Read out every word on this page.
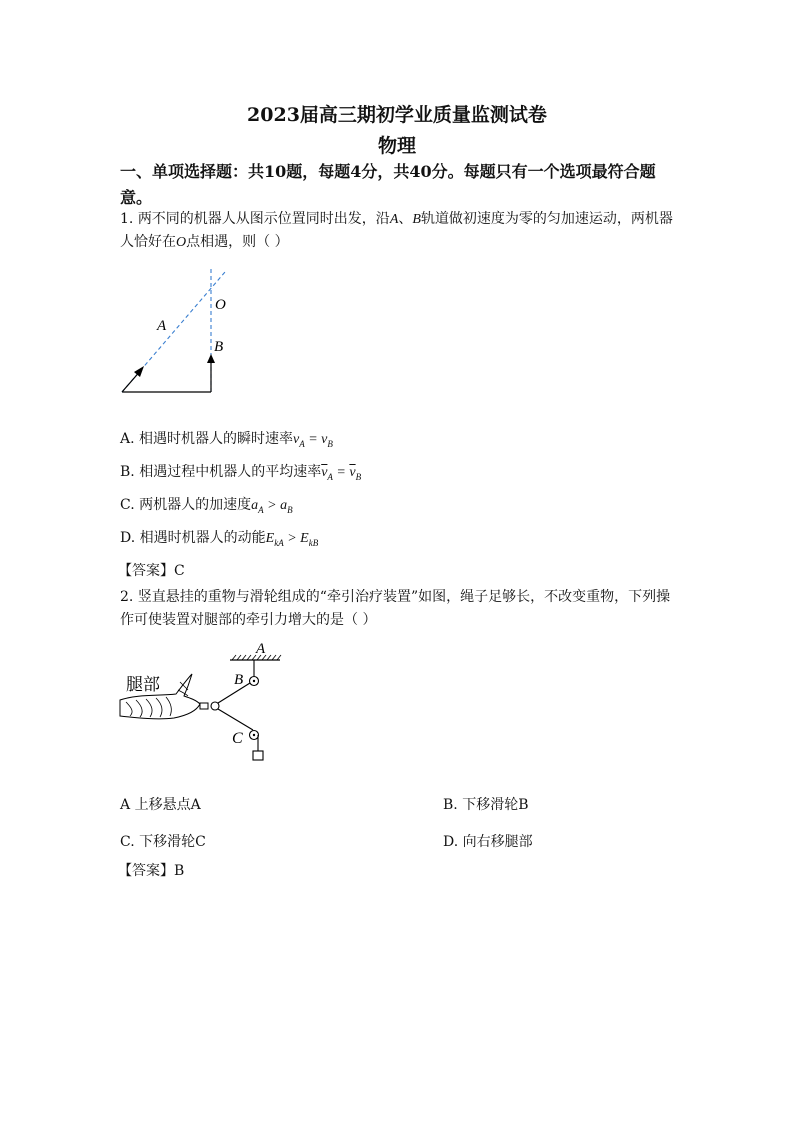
2023届高三期初学业质量监测试卷
物理
一、单项选择题：共10题，每题4分，共40分。每题只有一个选项最符合题意。
1. 两不同的机器人从图示位置同时出发，沿A、B轨道做初速度为零的匀加速运动，两机器人恰好在O点相遇，则（ ）
A
B
O
A. 相遇时机器人的瞬时速率$v_A = v_B$
B. 相遇过程中机器人的平均速率$\overline{v}_A = \overline{v}_B$
C. 两机器人的加速度$a_A > a_B$
D. 相遇时机器人的动能$E_{kA} > E_{kB}$
【答案】C
2. 竖直悬挂的重物与滑轮组成的“牵引治疗装置”如图，绳子足够长，不改变重物，下列操作可使装置对腿部的牵引力增大的是（ ）
A
B
C
腿部
A 上移悬点A	B. 下移滑轮B
C. 下移滑轮C	D. 向右移腿部
【答案】B
